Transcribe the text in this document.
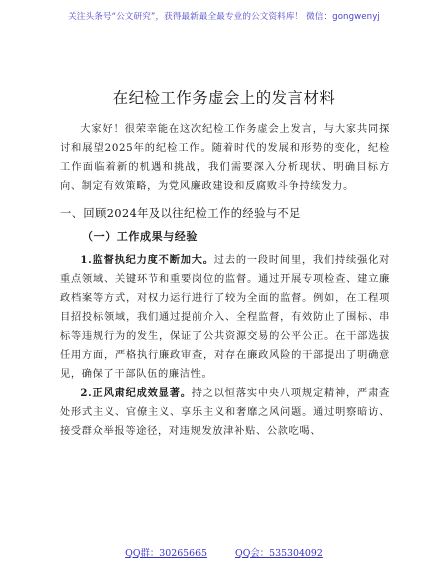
关注头条号“公文研究”，获得最新最全最专业的公文资料库！ 微信：gongwenyj
在纪检工作务虚会上的发言材料

大家好！很荣幸能在这次纪检工作务虚会上发言，与大家共同探讨和展望2025年的纪检工作。随着时代的发展和形势的变化，纪检工作面临着新的机遇和挑战，我们需要深入分析现状、明确目标方向、制定有效策略，为党风廉政建设和反腐败斗争持续发力。

一、回顾2024年及以往纪检工作的经验与不足
（一）工作成果与经验

1.监督执纪力度不断加大。过去的一段时间里，我们持续强化对重点领域、关键环节和重要岗位的监督。通过开展专项检查、建立廉政档案等方式，对权力运行进行了较为全面的监督。例如，在工程项目招投标领域，我们通过提前介入、全程监督，有效防止了围标、串标等违规行为的发生，保证了公共资源交易的公平公正。在干部选拔任用方面，严格执行廉政审查，对存在廉政风险的干部提出了明确意见，确保了干部队伍的廉洁性。

2.正风肃纪成效显著。持之以恒落实中央八项规定精神，严肃查处形式主义、官僚主义、享乐主义和奢靡之风问题。通过明察暗访、接受群众举报等途径，对违规发放津补贴、公款吃喝、

QQ群：30265665	QQ会：535304092
